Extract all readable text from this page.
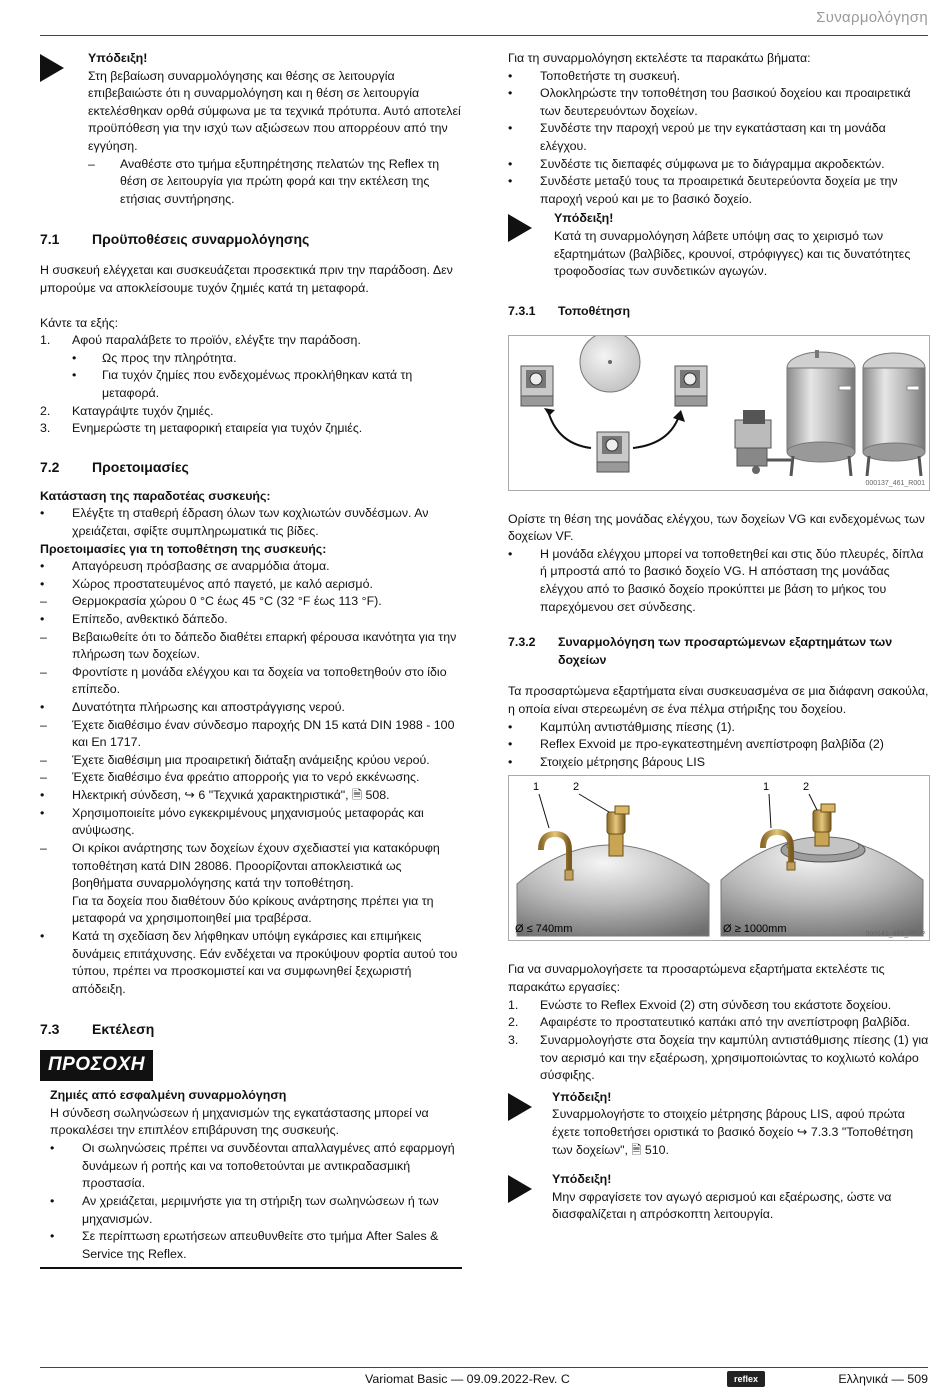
Συναρμολόγηση

Υπόδειξη!

Στη βεβαίωση συναρμολόγησης και θέσης σε λειτουργία επιβεβαιώστε ότι η συναρμολόγηση και η θέση σε λειτουργία εκτελέσθηκαν ορθά σύμφωνα με τα τεχνικά πρότυπα. Αυτό αποτελεί προϋπόθεση για την ισχύ των αξιώσεων που απορρέουν από την εγγύηση.

– Αναθέστε στο τμήμα εξυπηρέτησης πελατών της Reflex τη θέση σε λειτουργία για πρώτη φορά και την εκτέλεση της ετήσιας συντήρησης.
7.1	Προϋποθέσεις συναρμολόγησης

Η συσκευή ελέγχεται και συσκευάζεται προσεκτικά πριν την παράδοση. Δεν μπορούμε να αποκλείσουμε τυχόν ζημιές κατά τη μεταφορά.

Κάντε τα εξής:

1. Αφού παραλάβετε το προϊόν, ελέγξτε την παράδοση.
• Ως προς την πληρότητα.
• Για τυχόν ζημίες που ενδεχομένως προκλήθηκαν κατά τη μεταφορά.
2. Καταγράψτε τυχόν ζημιές.
3. Ενημερώστε τη μεταφορική εταιρεία για τυχόν ζημιές.
7.2	Προετοιμασίες

Κατάσταση της παραδοτέας συσκευής:

• Ελέγξτε τη σταθερή έδραση όλων των κοχλιωτών συνδέσμων. Αν χρειάζεται, σφίξτε συμπληρωματικά τις βίδες.

Προετοιμασίες για τη τοποθέτηση της συσκευής:

• Απαγόρευση πρόσβασης σε αναρμόδια άτομα.
• Χώρος προστατευμένος από παγετό, με καλό αερισμό.
– Θερμοκρασία χώρου 0 °C έως 45 °C (32 °F έως 113 °F).
• Επίπεδο, ανθεκτικό δάπεδο.
– Βεβαιωθείτε ότι το δάπεδο διαθέτει επαρκή φέρουσα ικανότητα για την πλήρωση των δοχείων.
– Φροντίστε η μονάδα ελέγχου και τα δοχεία να τοποθετηθούν στο ίδιο επίπεδο.
• Δυνατότητα πλήρωσης και αποστράγγισης νερού.
– Έχετε διαθέσιμο έναν σύνδεσμο παροχής DN 15 κατά DIN 1988 - 100 και En 1717.
– Έχετε διαθέσιμη μια προαιρετική διάταξη ανάμειξης κρύου νερού.
– Έχετε διαθέσιμο ένα φρεάτιο απορροής για το νερό εκκένωσης.
• Ηλεκτρική σύνδεση, ↪ 6 "Τεχνικά χαρακτηριστικά", 🗎 508.
• Χρησιμοποιείτε μόνο εγκεκριμένους μηχανισμούς μεταφοράς και ανύψωσης.
– Οι κρίκοι ανάρτησης των δοχείων έχουν σχεδιαστεί για κατακόρυφη τοποθέτηση κατά DIN 28086. Προορίζονται αποκλειστικά ως βοηθήματα συναρμολόγησης κατά την τοποθέτηση.

Για τα δοχεία που διαθέτουν δύο κρίκους ανάρτησης πρέπει για τη μεταφορά να χρησιμοποιηθεί μια τραβέρσα.

• Κατά τη σχεδίαση δεν λήφθηκαν υπόψη εγκάρσιες και επιμήκεις δυνάμεις επιτάχυνσης. Εάν ενδέχεται να προκύψουν φορτία αυτού του τύπου, πρέπει να προσκομιστεί και να συμφωνηθεί ξεχωριστή απόδειξη.
7.3	Εκτέλεση
ΠΡΟΣΟΧΗ

Ζημιές από εσφαλμένη συναρμολόγηση

Η σύνδεση σωληνώσεων ή μηχανισμών της εγκατάστασης μπορεί να προκαλέσει την επιπλέον επιβάρυνση της συσκευής.

• Οι σωληνώσεις πρέπει να συνδέονται απαλλαγμένες από εφαρμογή δυνάμεων ή ροπής και να τοποθετούνται με αντικραδασμική προστασία.
• Αν χρειάζεται, μεριμνήστε για τη στήριξη των σωληνώσεων ή των μηχανισμών.
• Σε περίπτωση ερωτήσεων απευθυνθείτε στο τμήμα After Sales & Service της Reflex.

Για τη συναρμολόγηση εκτελέστε τα παρακάτω βήματα:

• Τοποθετήστε τη συσκευή.
• Ολοκληρώστε την τοποθέτηση του βασικού δοχείου και προαιρετικά των δευτερευόντων δοχείων.
• Συνδέστε την παροχή νερού με την εγκατάσταση και τη μονάδα ελέγχου.
• Συνδέστε τις διεπαφές σύμφωνα με το διάγραμμα ακροδεκτών.
• Συνδέστε μεταξύ τους τα προαιρετικά δευτερεύοντα δοχεία με την παροχή νερού και με το βασικό δοχείο.

Υπόδειξη!

Κατά τη συναρμολόγηση λάβετε υπόψη σας το χειρισμό των εξαρτημάτων (βαλβίδες, κρουνοί, στρόφιγγες) και τις δυνατότητες τροφοδοσίας των συνδετικών αγωγών.

7.3.1	Τοποθέτηση
000137_461_R001

Ορίστε τη θέση της μονάδας ελέγχου, των δοχείων VG και ενδεχομένως των δοχείων VF.

• Η μονάδα ελέγχου μπορεί να τοποθετηθεί και στις δύο πλευρές, δίπλα ή μπροστά από το βασικό δοχείο VG. Η απόσταση της μονάδας ελέγχου από το βασικό δοχείο προκύπτει με βάση το μήκος του παρεχόμενου σετ σύνδεσης.
7.3.2	Συναρμολόγηση των προσαρτώμενων εξαρτημάτων των δοχείων

Τα προσαρτώμενα εξαρτήματα είναι συσκευασμένα σε μια διάφανη σακούλα, η οποία είναι στερεωμένη σε ένα πέλμα στήριξης του δοχείου.

• Καμπύλη αντιστάθμισης πίεσης (1).
• Reflex Exvoid με προ-εγκατεστημένη ανεπίστροφη βαλβίδα (2)
• Στοιχείο μέτρησης βάρους LIS
1	2
Ø ≤ 740mm
1	2
Ø ≥ 1000mm	000141_461_R00?

Για να συναρμολογήσετε τα προσαρτώμενα εξαρτήματα εκτελέστε τις παρακάτω εργασίες:

1. Ενώστε το Reflex Exvoid (2) στη σύνδεση του εκάστοτε δοχείου.
2. Αφαιρέστε το προστατευτικό καπάκι από την ανεπίστροφη βαλβίδα.
3. Συναρμολογήστε στα δοχεία την καμπύλη αντιστάθμισης πίεσης (1) για τον αερισμό και την εξαέρωση, χρησιμοποιώντας το κοχλιωτό κολάρο σύσφιξης.

Υπόδειξη!

Συναρμολογήστε το στοιχείο μέτρησης βάρους LIS, αφού πρώτα έχετε τοποθετήσει οριστικά το βασικό δοχείο ↪ 7.3.3 "Τοποθέτηση των δοχείων", 🗎 510.

Υπόδειξη!

Μην σφραγίσετε τον αγωγό αερισμού και εξαέρωσης, ώστε να διασφαλίζεται η απρόσκοπτη λειτουργία.

Variomat Basic — 09.09.2022-Rev. C	reflex	Ελληνικά — 509
